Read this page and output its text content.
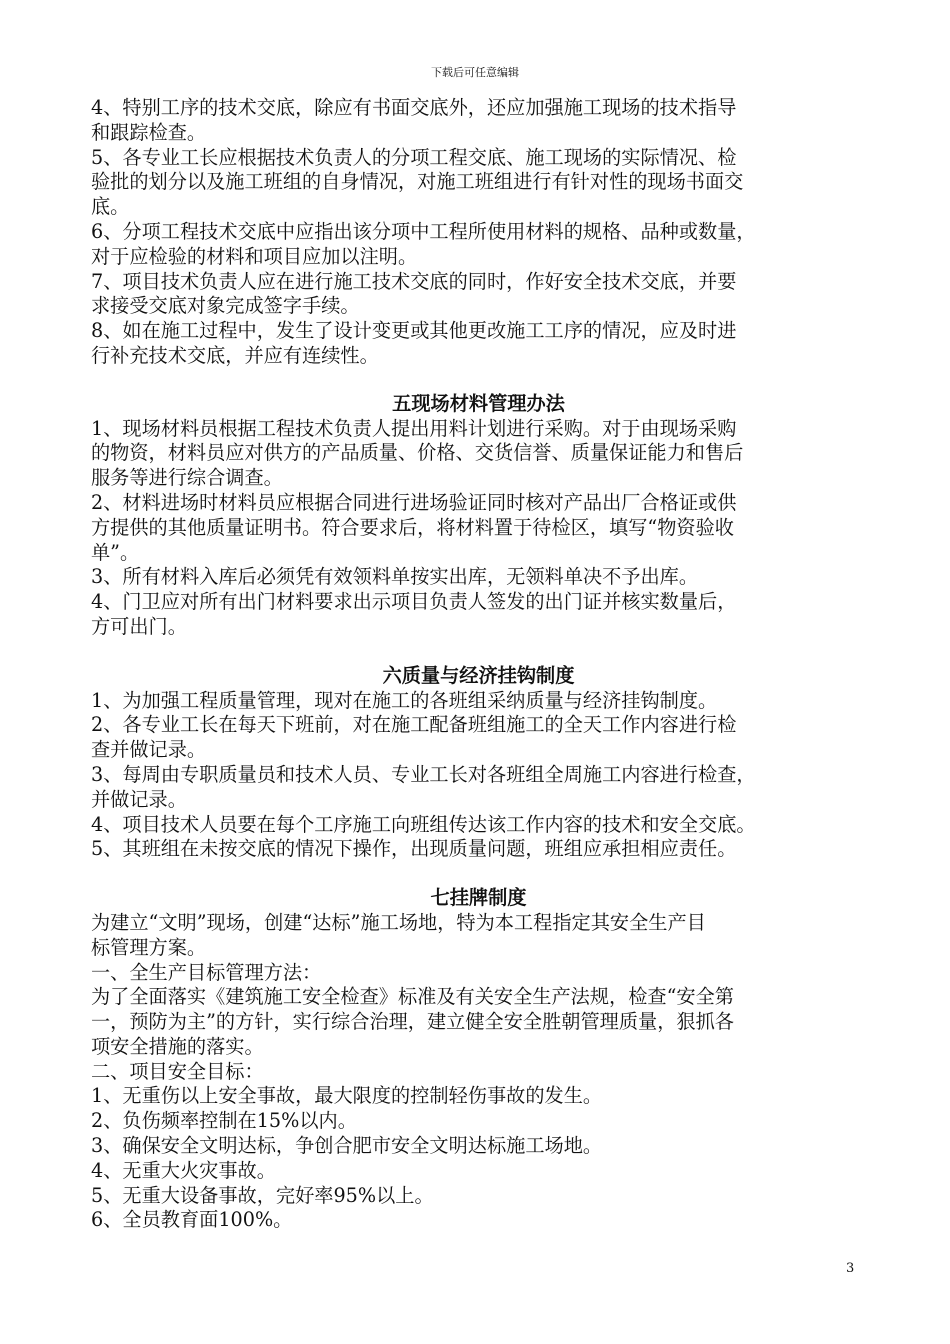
下载后可任意编辑
4、特别工序的技术交底，除应有书面交底外，还应加强施工现场的技术指导
和跟踪检查。
5、各专业工长应根据技术负责人的分项工程交底、施工现场的实际情况、检
验批的划分以及施工班组的自身情况，对施工班组进行有针对性的现场书面交
底。
6、分项工程技术交底中应指出该分项中工程所使用材料的规格、品种或数量，
对于应检验的材料和项目应加以注明。
7、项目技术负责人应在进行施工技术交底的同时，作好安全技术交底，并要
求接受交底对象完成签字手续。
8、如在施工过程中，发生了设计变更或其他更改施工工序的情况，应及时进
行补充技术交底，并应有连续性。
五现场材料管理办法
1、现场材料员根据工程技术负责人提出用料计划进行采购。对于由现场采购
的物资，材料员应对供方的产品质量、价格、交货信誉、质量保证能力和售后
服务等进行综合调查。
2、材料进场时材料员应根据合同进行进场验证同时核对产品出厂合格证或供
方提供的其他质量证明书。符合要求后，将材料置于待检区，填写“物资验收
单”。
3、所有材料入库后必须凭有效领料单按实出库，无领料单决不予出库。
4、门卫应对所有出门材料要求出示项目负责人签发的出门证并核实数量后，
方可出门。
六质量与经济挂钩制度
1、为加强工程质量管理，现对在施工的各班组采纳质量与经济挂钩制度。
2、各专业工长在每天下班前，对在施工配备班组施工的全天工作内容进行检
查并做记录。
3、每周由专职质量员和技术人员、专业工长对各班组全周施工内容进行检查，
并做记录。
4、项目技术人员要在每个工序施工向班组传达该工作内容的技术和安全交底。
5、其班组在未按交底的情况下操作，出现质量问题，班组应承担相应责任。
七挂牌制度
为建立“文明”现场，创建“达标”施工场地，特为本工程指定其安全生产目
标管理方案。
一、全生产目标管理方法：
为了全面落实《建筑施工安全检查》标准及有关安全生产法规，检查“安全第
一，预防为主”的方针，实行综合治理，建立健全安全胜朝管理质量，狠抓各
项安全措施的落实。
二、项目安全目标：
1、无重伤以上安全事故，最大限度的控制轻伤事故的发生。
2、负伤频率控制在15%以内。
3、确保安全文明达标，争创合肥市安全文明达标施工场地。
4、无重大火灾事故。
5、无重大设备事故，完好率95%以上。
6、全员教育面100%。
3
